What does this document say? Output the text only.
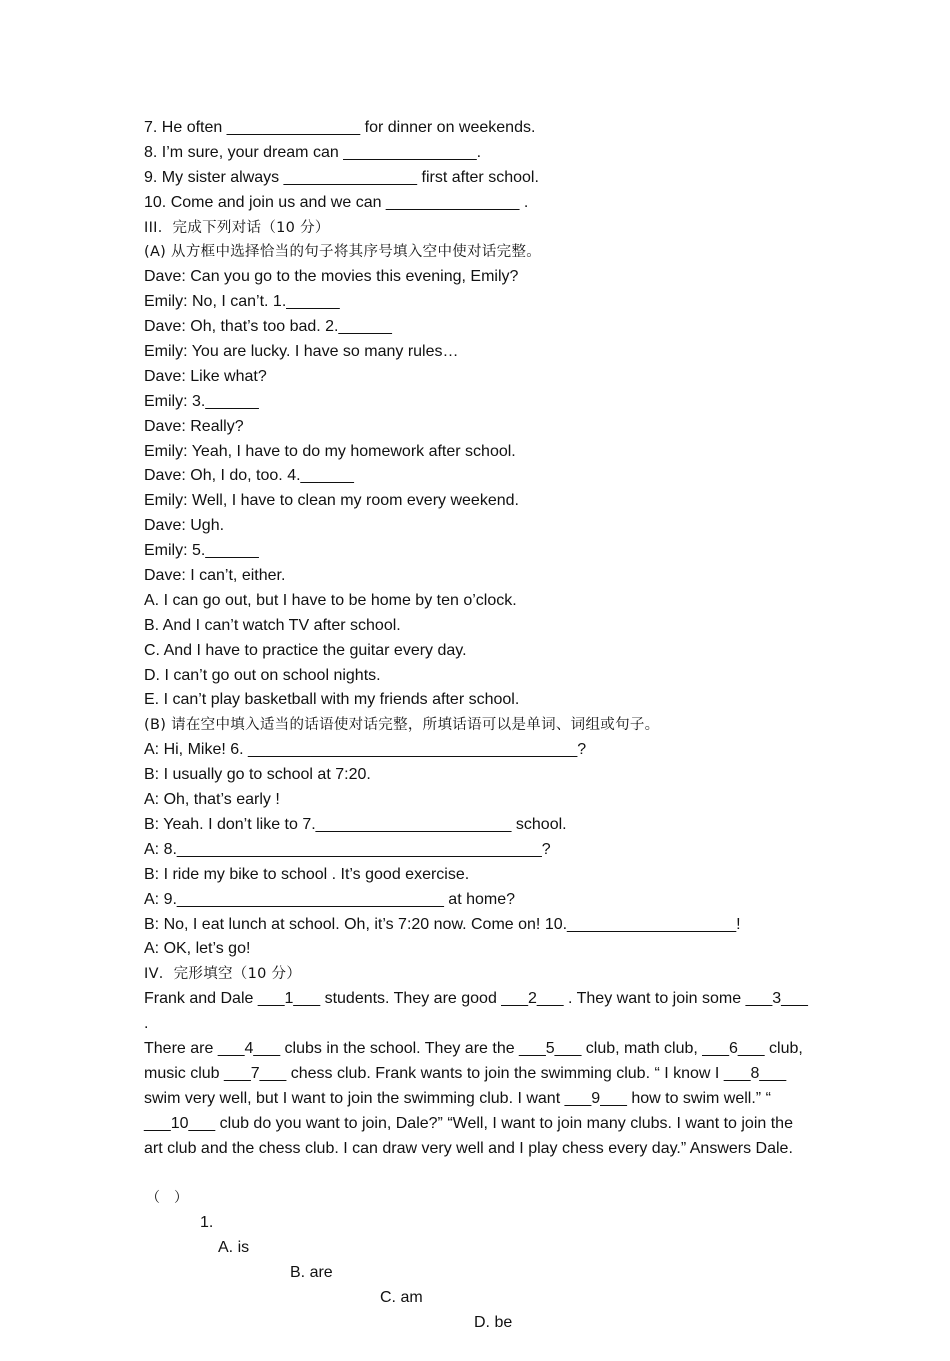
7. He often _______________ for dinner on weekends.
8. I’m sure, your dream can _______________.
9. My sister always _______________ first after school.
10. Come and join us and we can _______________ .
III．完成下列对话（10 分）
(A) 从方框中选择恰当的句子将其序号填入空中使对话完整。
Dave: Can you go to the movies this evening, Emily?
Emily: No, I can’t. 1.______
Dave: Oh, that’s too bad. 2.______
Emily: You are lucky. I have so many rules…
Dave: Like what?
Emily: 3.______
Dave: Really?
Emily: Yeah, I have to do my homework after school.
Dave: Oh, I do, too. 4.______
Emily: Well, I have to clean my room every weekend.
Dave: Ugh.
Emily: 5.______
Dave: I can’t, either.
A. I can go out, but I have to be home by ten o’clock.
B. And I can’t watch TV after school.
C. And I have to practice the guitar every day.
D. I can’t go out on school nights.
E. I can’t play basketball with my friends after school.
(B) 请在空中填入适当的话语使对话完整，所填话语可以是单词、词组或句子。
A: Hi, Mike! 6. _____________________________________?
B: I usually go to school at 7:20.
A: Oh, that’s early !
B: Yeah. I don’t like to 7.______________________ school.
A: 8._________________________________________?
B: I ride my bike to school . It’s good exercise.
A: 9.______________________________ at home?
B: No, I eat lunch at school. Oh, it’s 7:20 now. Come on! 10.___________________!
A: OK, let’s go!
IV．完形填空（10 分）
Frank and Dale ___1___ students. They are good ___2___ . They want to join some ___3___ .
There are ___4___ clubs in the school. They are the ___5___ club, math club, ___6___ club, music club ___7___ chess club. Frank wants to join the swimming club. “ I know I ___8___ swim very well, but I want to join the swimming club. I want ___9___ how to swim well.” “ ___10___ club do you want to join, Dale?” “Well, I want to join many clubs. I want to join the art club and the chess club. I can draw very well and I play chess every day.” Answers Dale.

（　）

1.

A. is

B. are

C. am

D. be
